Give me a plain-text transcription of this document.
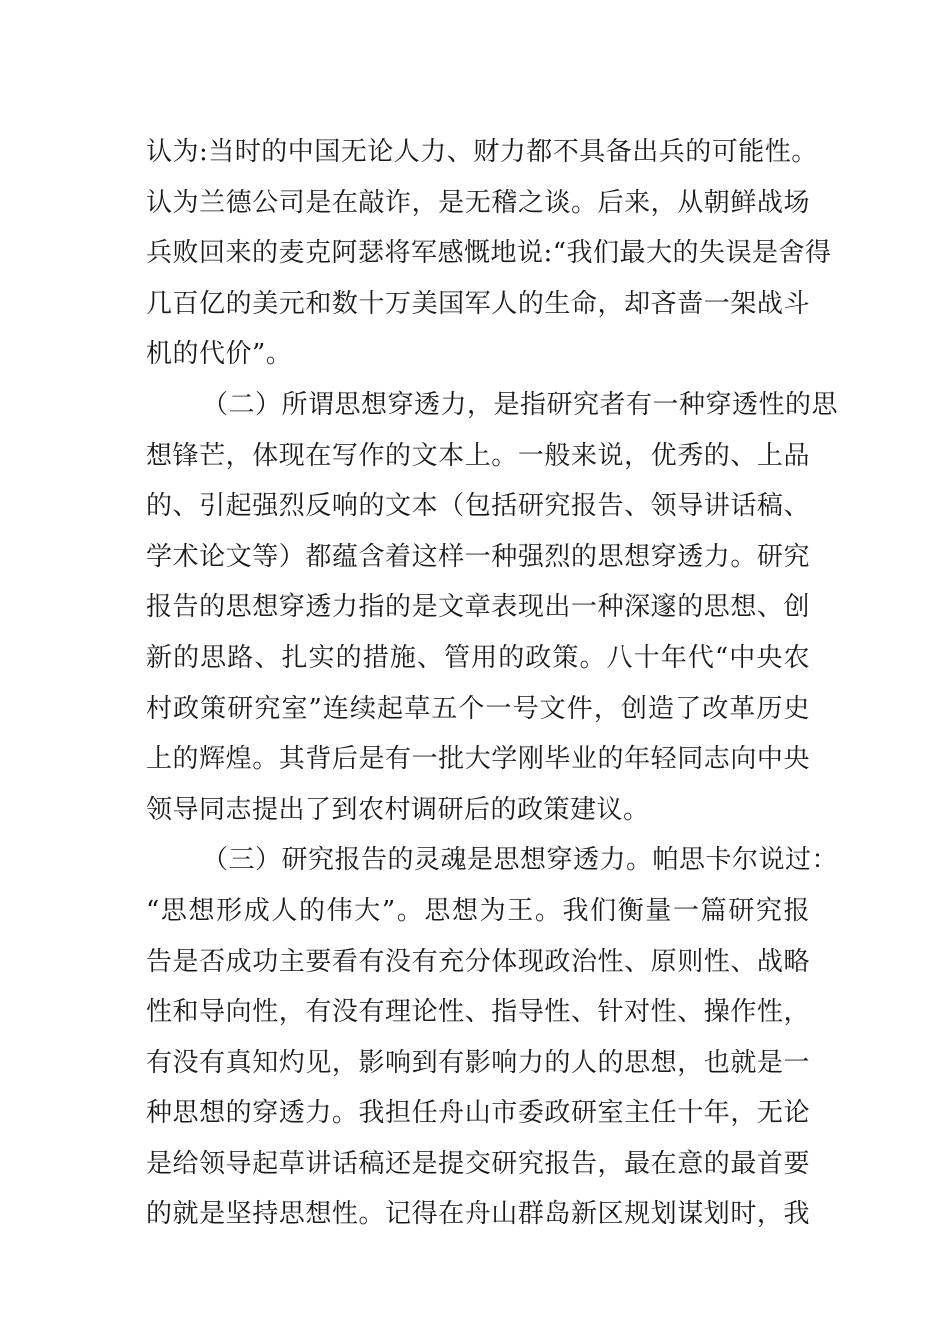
认为:当时的中国无论人力、财力都不具备出兵的可能性。
认为兰德公司是在敲诈，是无稽之谈。后来，从朝鲜战场
兵败回来的麦克阿瑟将军感慨地说:“我们最大的失误是舍得
几百亿的美元和数十万美国军人的生命，却吝啬一架战斗
机的代价”。
（二）所谓思想穿透力，是指研究者有一种穿透性的思
想锋芒，体现在写作的文本上。一般来说，优秀的、上品
的、引起强烈反响的文本（包括研究报告、领导讲话稿、
学术论文等）都蕴含着这样一种强烈的思想穿透力。研究
报告的思想穿透力指的是文章表现出一种深邃的思想、创
新的思路、扎实的措施、管用的政策。八十年代“中央农
村政策研究室”连续起草五个一号文件，创造了改革历史
上的辉煌。其背后是有一批大学刚毕业的年轻同志向中央
领导同志提出了到农村调研后的政策建议。
（三）研究报告的灵魂是思想穿透力。帕思卡尔说过：
“思想形成人的伟大”。思想为王。我们衡量一篇研究报
告是否成功主要看有没有充分体现政治性、原则性、战略
性和导向性，有没有理论性、指导性、针对性、操作性，
有没有真知灼见，影响到有影响力的人的思想，也就是一
种思想的穿透力。我担任舟山市委政研室主任十年，无论
是给领导起草讲话稿还是提交研究报告，最在意的最首要
的就是坚持思想性。记得在舟山群岛新区规划谋划时，我
